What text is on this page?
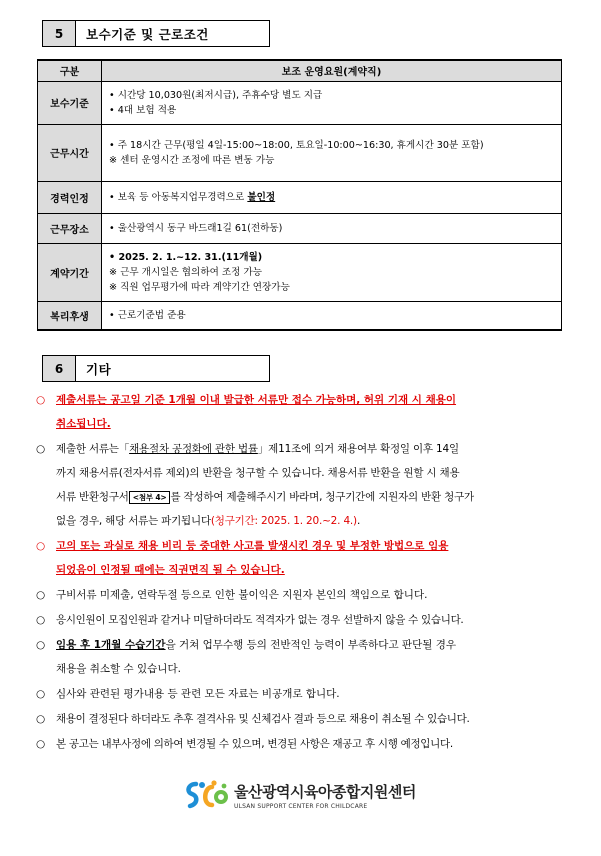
5	보수기준 및 근로조건
구분	보조 운영요원(계약직)
보수기준	• 시간당 10,030원(최저시급), 주휴수당 별도 지급
• 4대 보험 적용

근무시간	• 주 18시간 근무(평일 4일-15:00~18:00, 토요일-10:00~16:30, 휴게시간 30분 포함)
※ 센터 운영시간 조정에 따른 변동 가능

경력인정	• 보육 등 아동복지업무경력으로 불인정
근무장소	• 울산광역시 동구 바드래1길 61(전하동)
계약기간	• 2025. 2. 1.~12. 31.(11개월)
※ 근무 개시일은 협의하여 조정 가능
※ 직원 업무평가에 따라 계약기간 연장가능

복리후생	• 근로기준법 준용
6	기타
○ 제출서류는 공고일 기준 1개월 이내 발급한 서류만 접수 가능하며, 허위 기재 시 채용이
취소됩니다.
○ 제출한 서류는「채용절차 공정화에 관한 법률」제11조에 의거 채용여부 확정일 이후 14일
까지 채용서류(전자서류 제외)의 반환을 청구할 수 있습니다. 채용서류 반환을 원할 시 채용
서류 반환청구서 <첨부 4> 를 작성하여 제출해주시기 바라며, 청구기간에 지원자의 반환 청구가
없을 경우, 해당 서류는 파기됩니다(청구기간: 2025. 1. 20.~2. 4.).
○ 고의 또는 과실로 채용 비리 등 중대한 사고를 발생시킨 경우 및 부정한 방법으로 임용
되었음이 인정될 때에는 직권면직 될 수 있습니다.
○ 구비서류 미제출, 연락두절 등으로 인한 불이익은 지원자 본인의 책임으로 합니다.
○ 응시인원이 모집인원과 같거나 미달하더라도 적격자가 없는 경우 선발하지 않을 수 있습니다.
○ 임용 후 1개월 수습기간을 거쳐 업무수행 등의 전반적인 능력이 부족하다고 판단될 경우
채용을 취소할 수 있습니다.
○ 심사와 관련된 평가내용 등 관련 모든 자료는 비공개로 합니다.
○ 채용이 결정된다 하더라도 추후 결격사유 및 신체검사 결과 등으로 채용이 취소될 수 있습니다.
○ 본 공고는 내부사정에 의하여 변경될 수 있으며, 변경된 사항은 재공고 후 시행 예정입니다.
울산광역시육아종합지원센터
ULSAN SUPPORT CENTER FOR CHILDCARE
